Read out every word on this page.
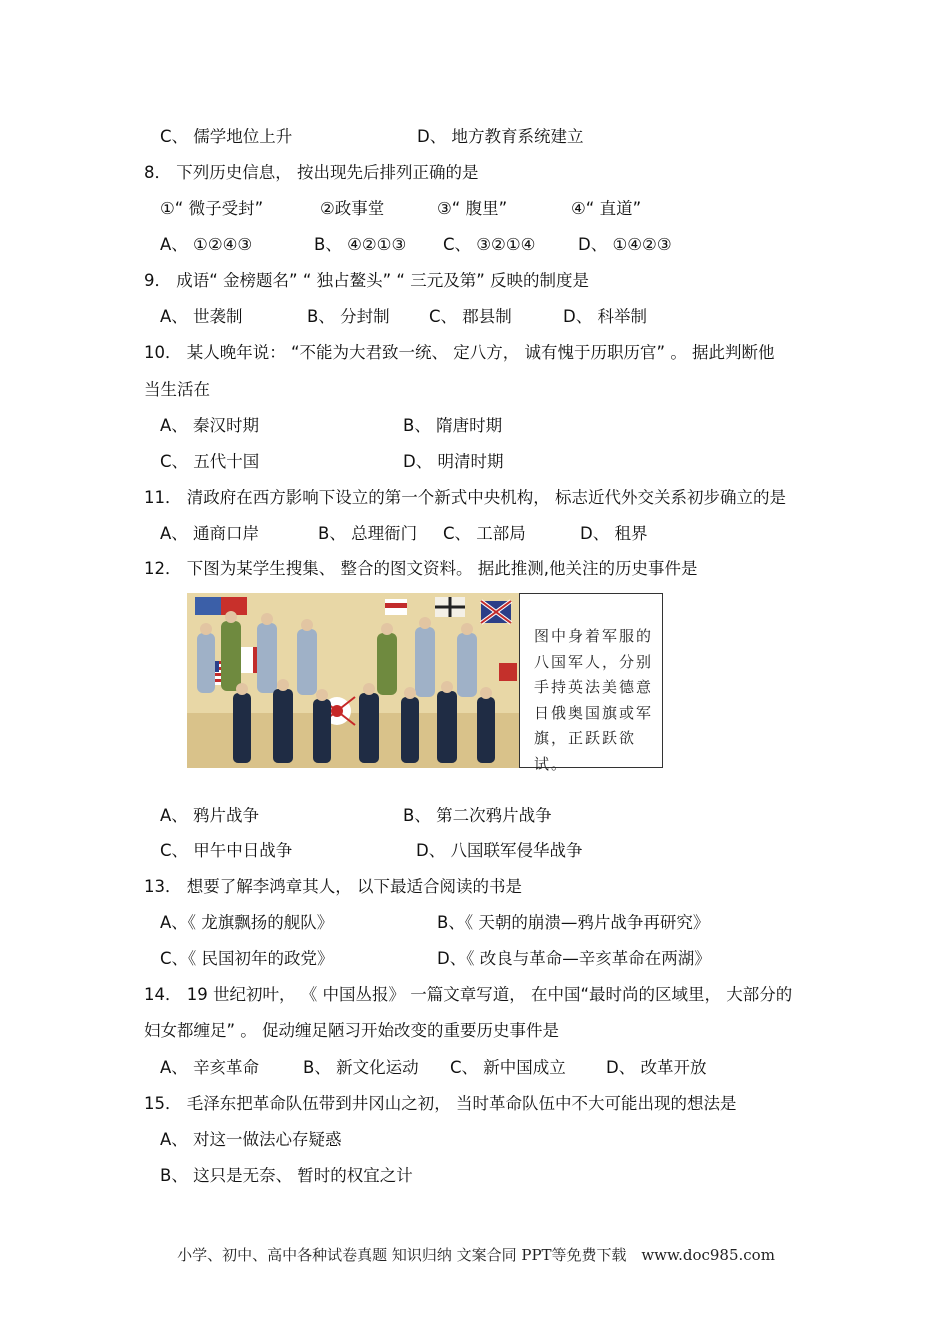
C、 儒学地位上升	D、 地方教育系统建立
8． 下列历史信息， 按出现先后排列正确的是
①“ 微子受封”	②政事堂	③“ 腹里”	④“ 直道”
A、 ①②④③	B、 ④②①③ C、 ③②①④	D、 ①④②③
9． 成语“ 金榜题名” “ 独占鳌头” “ 三元及第” 反映的制度是
A、 世袭制	B、 分封制 C、 郡县制	D、 科举制
10． 某人晚年说： “不能为大君致一统、 定八方， 诚有愧于历职历官” 。 据此判断他
当生活在
A、 秦汉时期	B、 隋唐时期
C、 五代十国	D、 明清时期
11． 清政府在西方影响下设立的第一个新式中央机构， 标志近代外交关系初步确立的是
A、 通商口岸	B、 总理衙门 C、 工部局	D、 租界
12． 下图为某学生搜集、 整合的图文资料。 据此推测,他关注的历史事件是
图中身着军服的八国军人，分别手持英法美德意日俄奥国旗或军旗，正跃跃欲试。
A、 鸦片战争	B、 第二次鸦片战争
C、 甲午中日战争	D、 八国联军侵华战争
13． 想要了解李鸿章其人， 以下最适合阅读的书是
A、《 龙旗飘扬的舰队》	B、《 天朝的崩溃—鸦片战争再研究》
C、《 民国初年的政党》	D、《 改良与革命—辛亥革命在两湖》
14． 19 世纪初叶， 《 中国丛报》 一篇文章写道， 在中国“最时尚的区域里， 大部分的
妇女都缠足” 。 促动缠足陋习开始改变的重要历史事件是
A、 辛亥革命	B、 新文化运动 C、 新中国成立 D、 改革开放
15． 毛泽东把革命队伍带到井冈山之初， 当时革命队伍中不大可能出现的想法是
A、 对这一做法心存疑惑
B、 这只是无奈、 暂时的权宜之计
小学、初中、高中各种试卷真题 知识归纳 文案合同 PPT等免费下载 www.doc985.com
